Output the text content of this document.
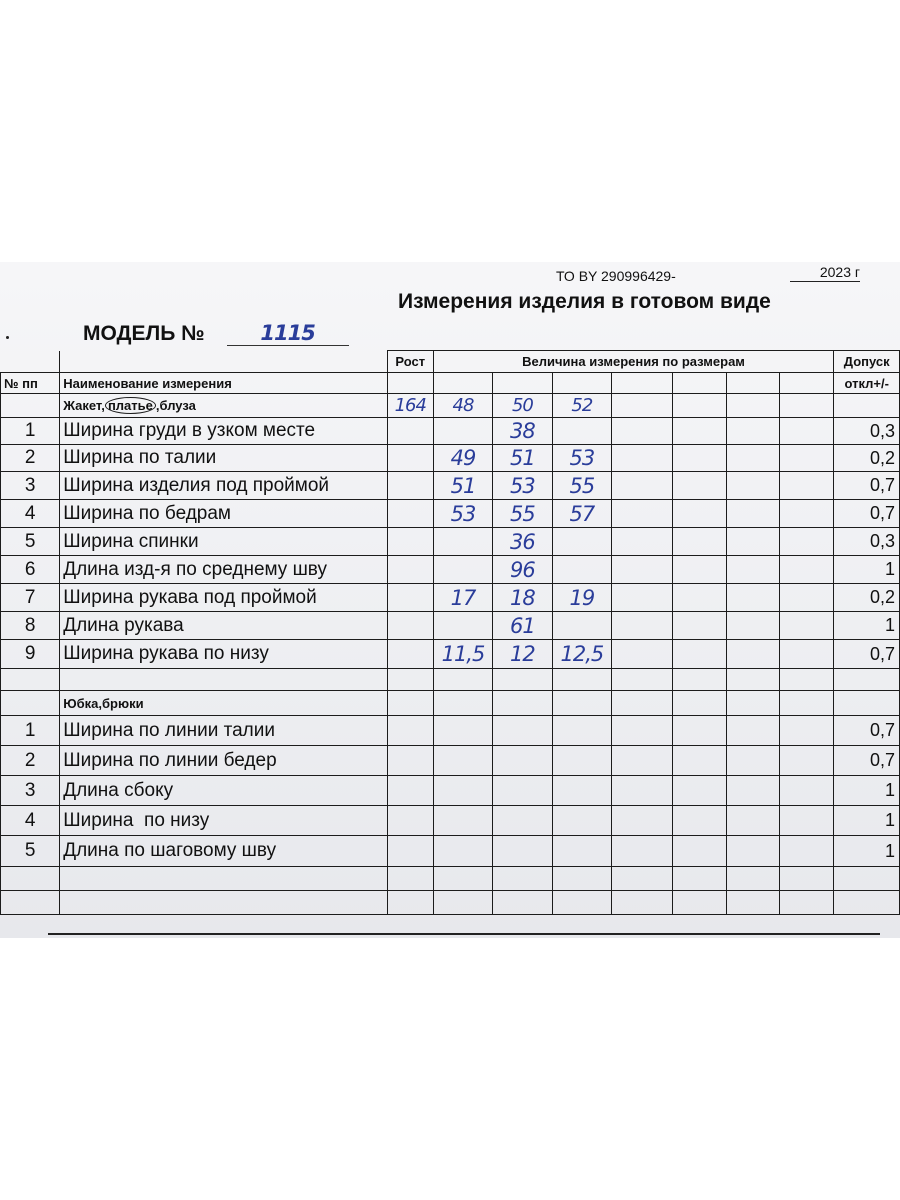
ТО BY 290996429-	2023 г
Измерения изделия в готовом виде
МОДЕЛЬ №	1115
		Рост	Величина измерения по размерам							Допуск
№ пп	Наименование измерения									откл+/-
	Жакет, платье ,блуза	164	48	50	52					
1	Ширина груди в узком месте			38						0,3
2	Ширина по талии		49	51	53					0,2
3	Ширина изделия под проймой		51	53	55					0,7
4	Ширина по бедрам		53	55	57					0,7
5	Ширина спинки			36						0,3
6	Длина изд-я по среднему шву			96						1
7	Ширина рукава под проймой		17	18	19					0,2
8	Длина рукава			61						1
9	Ширина рукава по низу		11,5	12	12,5					0,7

	Юбка,брюки									
1	Ширина по линии талии									0,7
2	Ширина по линии бедер									0,7
3	Длина сбоку									1
4	Ширина  по низу									1
5	Длина по шаговому шву									1
